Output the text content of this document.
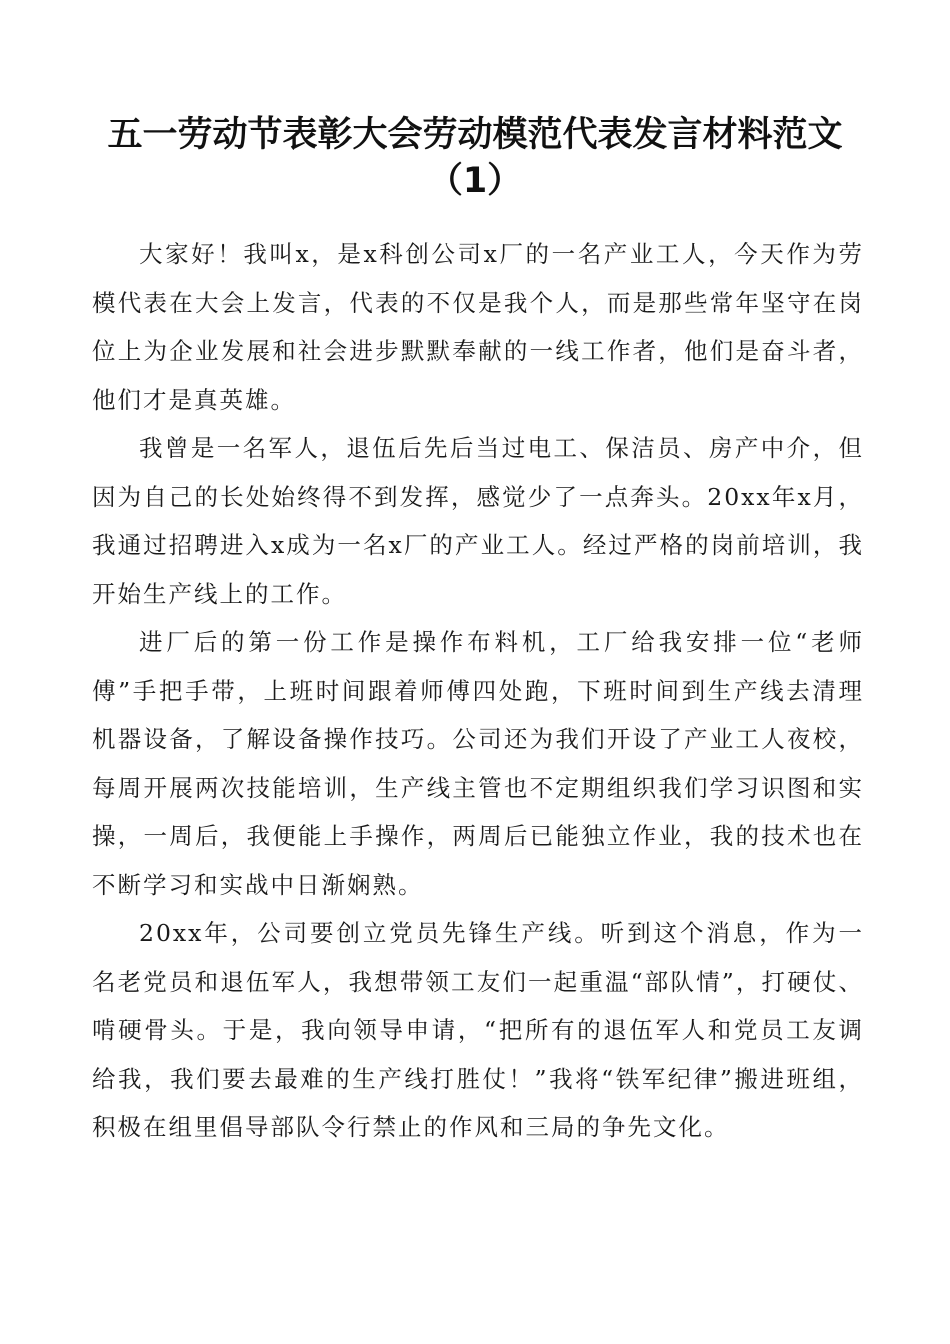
五一劳动节表彰大会劳动模范代表发言材料范文
（1）

大家好！我叫x，是x科创公司x厂的一名产业工人，今天作为劳模代表在大会上发言，代表的不仅是我个人，而是那些常年坚守在岗位上为企业发展和社会进步默默奉献的一线工作者，他们是奋斗者，他们才是真英雄。

我曾是一名军人，退伍后先后当过电工、保洁员、房产中介，但因为自己的长处始终得不到发挥，感觉少了一点奔头。20xx年x月，我通过招聘进入x成为一名x厂的产业工人。经过严格的岗前培训，我开始生产线上的工作。

进厂后的第一份工作是操作布料机，工厂给我安排一位“老师傅”手把手带，上班时间跟着师傅四处跑，下班时间到生产线去清理机器设备，了解设备操作技巧。公司还为我们开设了产业工人夜校，每周开展两次技能培训，生产线主管也不定期组织我们学习识图和实操，一周后，我便能上手操作，两周后已能独立作业，我的技术也在不断学习和实战中日渐娴熟。

20xx年，公司要创立党员先锋生产线。听到这个消息，作为一名老党员和退伍军人，我想带领工友们一起重温“部队情”，打硬仗、啃硬骨头。于是，我向领导申请，“把所有的退伍军人和党员工友调给我，我们要去最难的生产线打胜仗！”我将“铁军纪律”搬进班组，积极在组里倡导部队令行禁止的作风和三局的争先文化。
